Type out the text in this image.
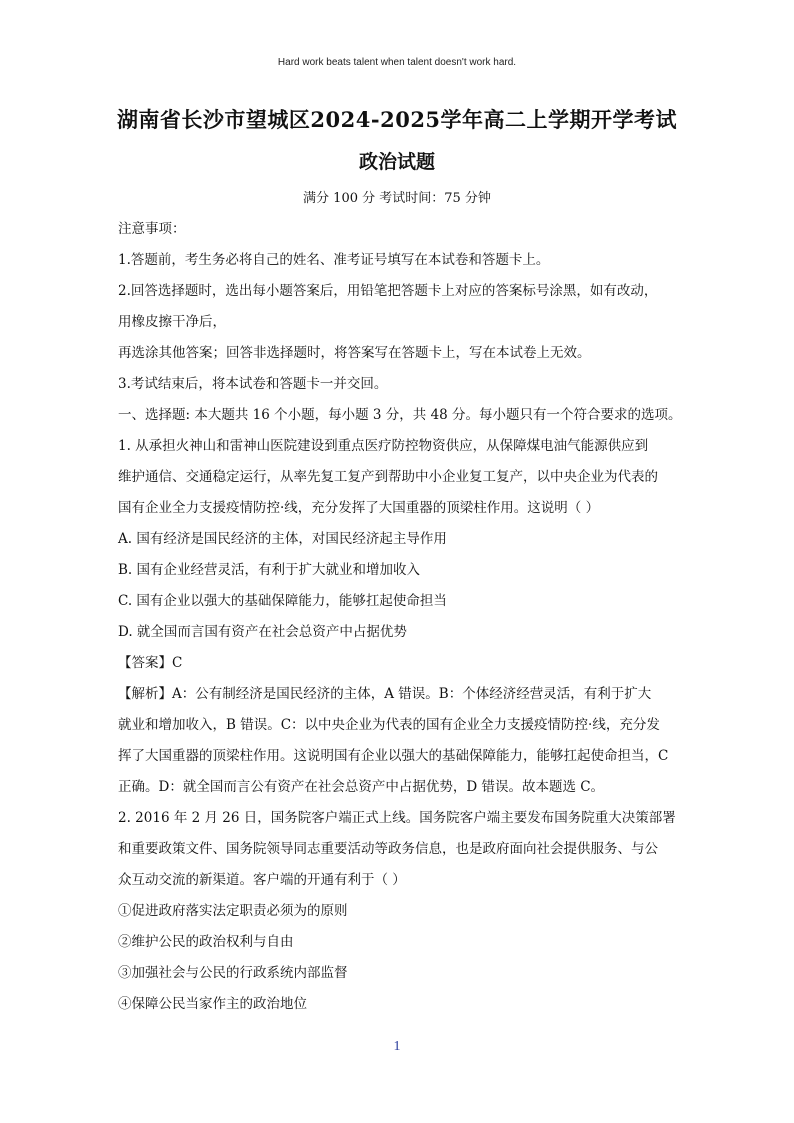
Hard work beats talent when talent doesn't work hard.
湖南省长沙市望城区2024-2025学年高二上学期开学考试
政治试题
满分 100 分 考试时间：75 分钟
注意事项：
1.答题前，考生务必将自己的姓名、准考证号填写在本试卷和答题卡上。
2.回答选择题时，选出每小题答案后，用铅笔把答题卡上对应的答案标号涂黑，如有改动，
用橡皮擦干净后，
再选涂其他答案；回答非选择题时，将答案写在答题卡上，写在本试卷上无效。
3.考试结束后，将本试卷和答题卡一并交回。
一、选择题: 本大题共 16 个小题，每小题 3 分，共 48 分。每小题只有一个符合要求的选项。
1. 从承担火神山和雷神山医院建设到重点医疗防控物资供应，从保障煤电油气能源供应到
维护通信、交通稳定运行，从率先复工复产到帮助中小企业复工复产，以中央企业为代表的
国有企业全力支援疫情防控·线，充分发挥了大国重器的顶梁柱作用。这说明（ ）
A. 国有经济是国民经济的主体，对国民经济起主导作用
B. 国有企业经营灵活，有利于扩大就业和增加收入
C. 国有企业以强大的基础保障能力，能够扛起使命担当
D. 就全国而言国有资产在社会总资产中占据优势
【答案】C
【解析】A：公有制经济是国民经济的主体，A 错误。B：个体经济经营灵活，有利于扩大
就业和增加收入，B 错误。C：以中央企业为代表的国有企业全力支援疫情防控·线，充分发
挥了大国重器的顶梁柱作用。这说明国有企业以强大的基础保障能力，能够扛起使命担当，C
正确。D：就全国而言公有资产在社会总资产中占据优势，D 错误。故本题选 C。
2. 2016 年 2 月 26 日，国务院客户端正式上线。国务院客户端主要发布国务院重大决策部署
和重要政策文件、国务院领导同志重要活动等政务信息，也是政府面向社会提供服务、与公
众互动交流的新渠道。客户端的开通有利于（ ）
①促进政府落实法定职责必须为的原则
②维护公民的政治权利与自由
③加强社会与公民的行政系统内部监督
④保障公民当家作主的政治地位
1
